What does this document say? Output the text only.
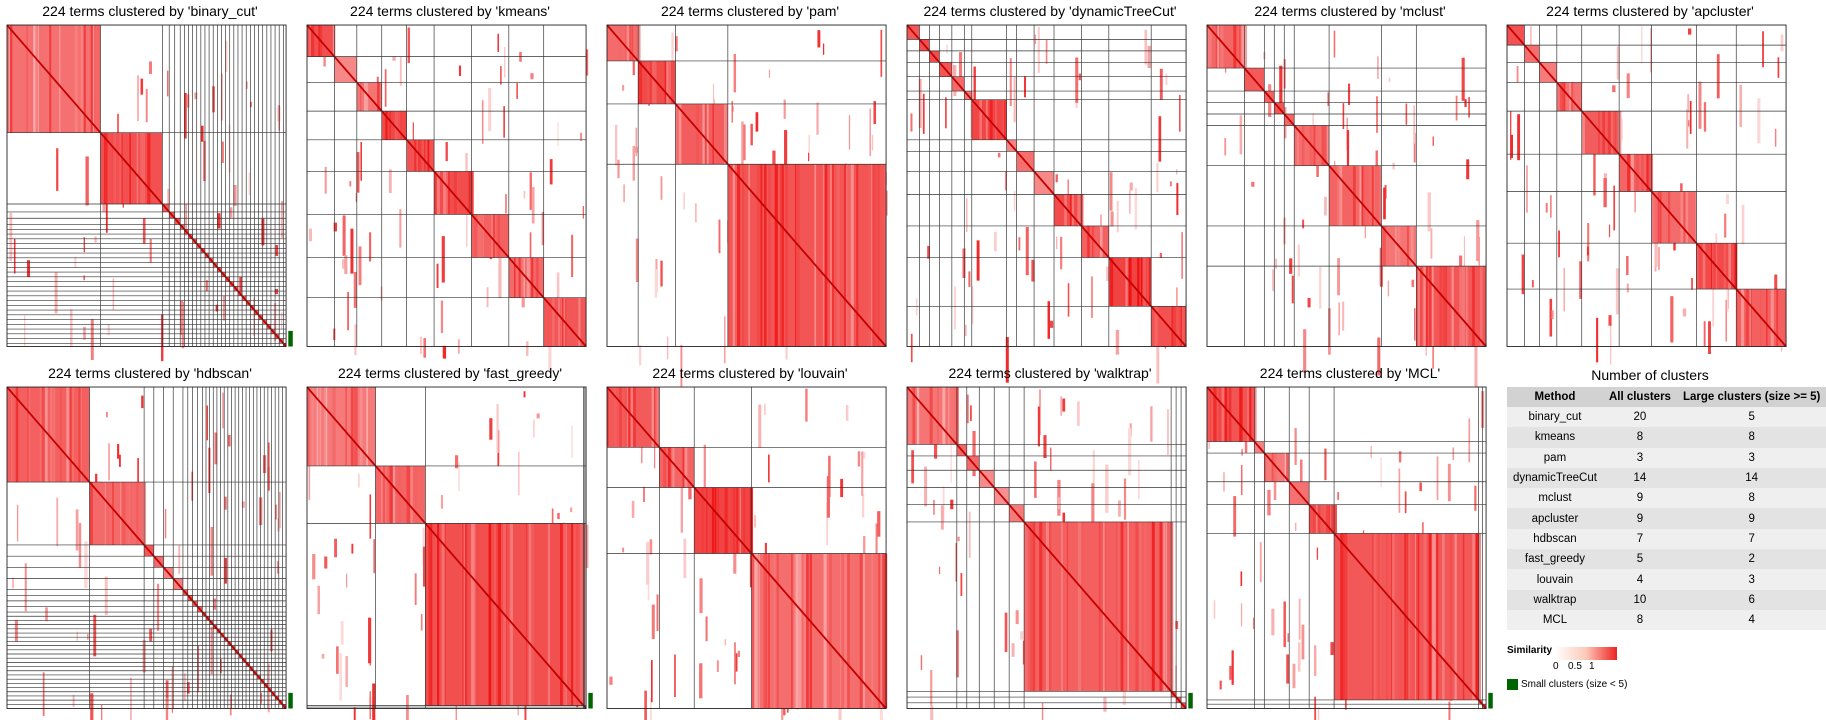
224 terms clustered by 'binary_cut'	224 terms clustered by 'kmeans'	224 terms clustered by 'pam'	224 terms clustered by 'dynamicTreeCut'	224 terms clustered by 'mclust'	224 terms clustered by 'apcluster'
224 terms clustered by 'hdbscan'	224 terms clustered by 'fast_greedy'	224 terms clustered by 'louvain'	224 terms clustered by 'walktrap'	224 terms clustered by 'MCL'	Number of clusters
Method	All clusters	Large clusters (size >= 5)
binary_cut	20	5
kmeans	8	8
pam	3	3
dynamicTreeCut	14	14
mclust	9	8
apcluster	9	9
hdbscan	7	7
fast_greedy	5	2
louvain	4	3
walktrap	10	6
MCL	8	4
Similarity
0 0.5 1
Small clusters (size < 5)
